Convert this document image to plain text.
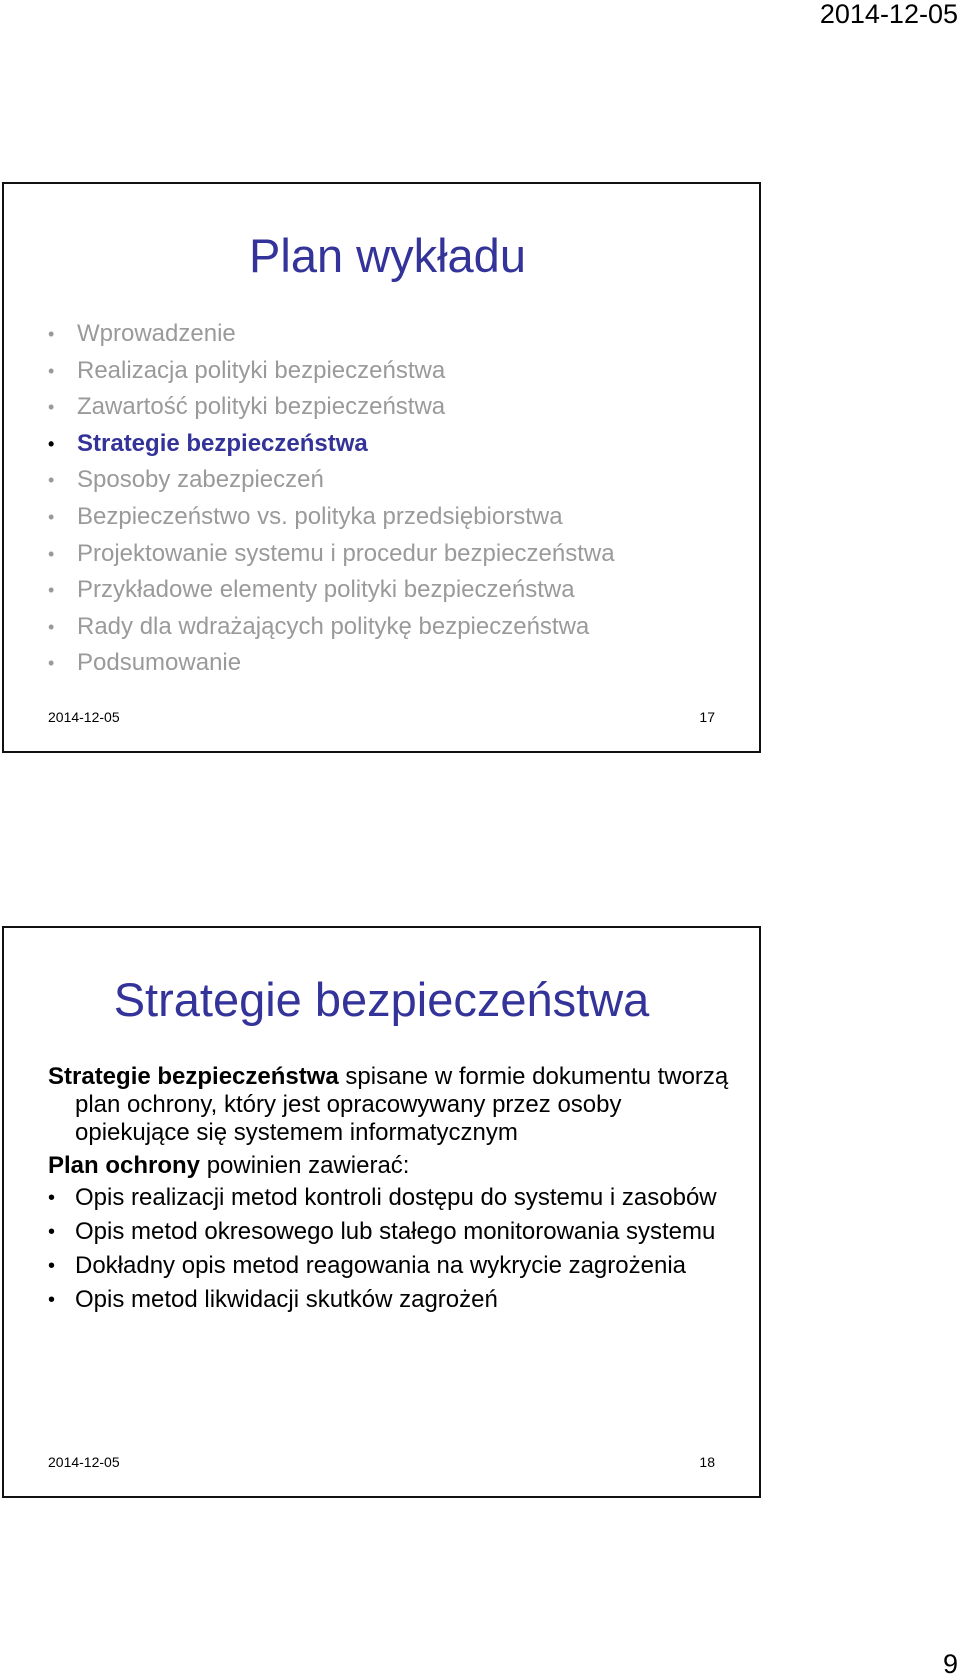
2014-12-05
Plan wykładu
• Wprowadzenie
• Realizacja polityki bezpieczeństwa
• Zawartość polityki bezpieczeństwa
• Strategie bezpieczeństwa
• Sposoby zabezpieczeń
• Bezpieczeństwo vs. polityka przedsiębiorstwa
• Projektowanie systemu i procedur bezpieczeństwa
• Przykładowe elementy polityki bezpieczeństwa
• Rady dla wdrażających politykę bezpieczeństwa
• Podsumowanie
2014-12-05	17
Strategie bezpieczeństwa

Strategie bezpieczeństwa spisane w formie dokumentu tworzą plan ochrony, który jest opracowywany przez osoby opiekujące się systemem informatycznym

Plan ochrony powinien zawierać:

• Opis realizacji metod kontroli dostępu do systemu i zasobów
• Opis metod okresowego lub stałego monitorowania systemu
• Dokładny opis metod reagowania na wykrycie zagrożenia
• Opis metod likwidacji skutków zagrożeń
2014-12-05	18
9
